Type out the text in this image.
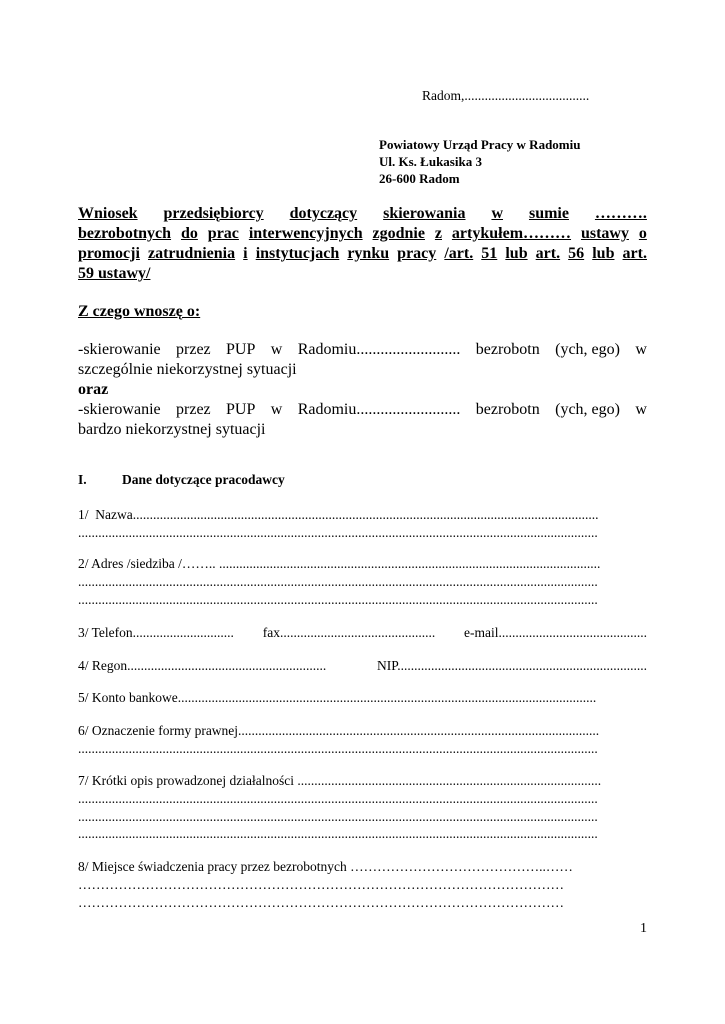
Radom,.....................................
Powiatowy Urząd Pracy w Radomiu
Ul. Ks. Łukasika 3
26-600 Radom
Wniosek przedsiębiorcy dotyczący skierowania w sumie ……….
bezrobotnych do prac interwencyjnych zgodnie z artykułem……… ustawy o
promocji zatrudnienia i instytucjach rynku pracy /art. 51 lub art. 56 lub art.
59 ustawy/
Z czego wnoszę o:
-skierowanie przez PUP w Radomiu.......................... bezrobotn (ych, ego) w
szczególnie niekorzystnej sytuacji
oraz
-skierowanie przez PUP w Radomiu.......................... bezrobotn (ych, ego) w
bardzo niekorzystnej sytuacji
I.	Dane dotyczące pracodawcy
1/  Nazwa..........................................................................................................................................
..........................................................................................................................................................
2/ Adres /siedziba /…….. .................................................................................................................
..........................................................................................................................................................
..........................................................................................................................................................
3/ Telefon.............................. fax.............................................. e-mail............................................
4/ Regon...........................................................	NIP..........................................................................
5/ Konto bankowe............................................................................................................................
6/ Oznaczenie formy prawnej...........................................................................................................
..........................................................................................................................................................
7/ Krótki opis prowadzonej działalności ..........................................................................................
..........................................................................................................................................................
..........................................................................................................................................................
..........................................................................................................................................................
8/ Miejsce świadczenia pracy przez bezrobotnych ……………………………………..……
………………………………………………………………………………………………
………………………………………………………………………………………………
1
